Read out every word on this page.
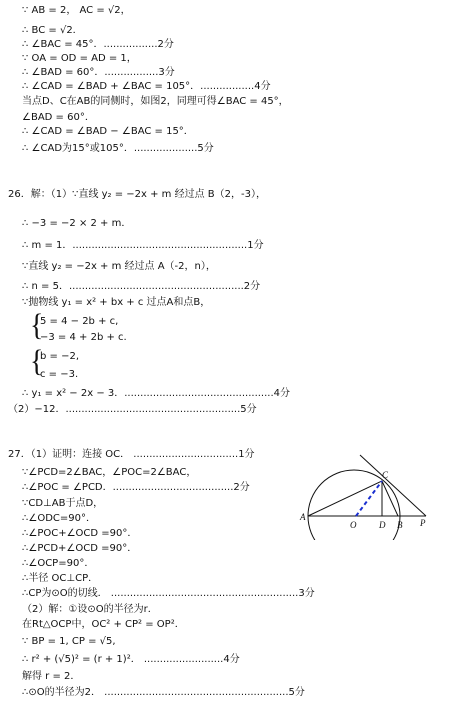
∵ AB = 2， AC = √2，
∴ BC = √2．
∴ ∠BAC = 45°．.................2分
∵ OA = OD = AD = 1，
∴ ∠BAD = 60°．.................3分
∴ ∠CAD = ∠BAD + ∠BAC = 105°．.................4分
当点D、C在AB的同侧时，如图2，同理可得∠BAC = 45°，
∠BAD = 60°．
∴ ∠CAD = ∠BAD − ∠BAC = 15°．
∴ ∠CAD为15°或105°．....................5分
26．解：（1）∵直线 y₂ = −2x + m 经过点 B（2，-3），
∴ −3 = −2 × 2 + m．
∴ m = 1．.......................................................1分
∵直线 y₂ = −2x + m 经过点 A（-2，n），
∴ n = 5．.......................................................2分
∵抛物线 y₁ = x² + bx + c 过点A和点B，
5 = 4 − 2b + c,
−3 = 4 + 2b + c.
b = −2,
c = −3.
∴ y₁ = x² − 2x − 3．...............................................4分
（2）−12．.......................................................5分
27．（1）证明：连接 OC． .................................1分
∵∠PCD=2∠BAC，∠POC=2∠BAC，
∴∠POC = ∠PCD．......................................2分
∵CD⊥AB于点D，
∴∠ODC=90°．
∴∠POC+∠OCD =90°．
∴∠PCD+∠OCD =90°．
∴∠OCP=90°．
∴半径 OC⊥CP．
∴CP为⊙O的切线． ...........................................................3分
（2）解：①设⊙O的半径为r．
在Rt△OCP中，OC² + CP² = OP²．
∵ BP = 1, CP = √5,
∴ r² + (√5)² = (r + 1)²． .........................4分
解得 r = 2．
∴⊙O的半径为2． ..........................................................5分
{
{
A
O	D B P
C
